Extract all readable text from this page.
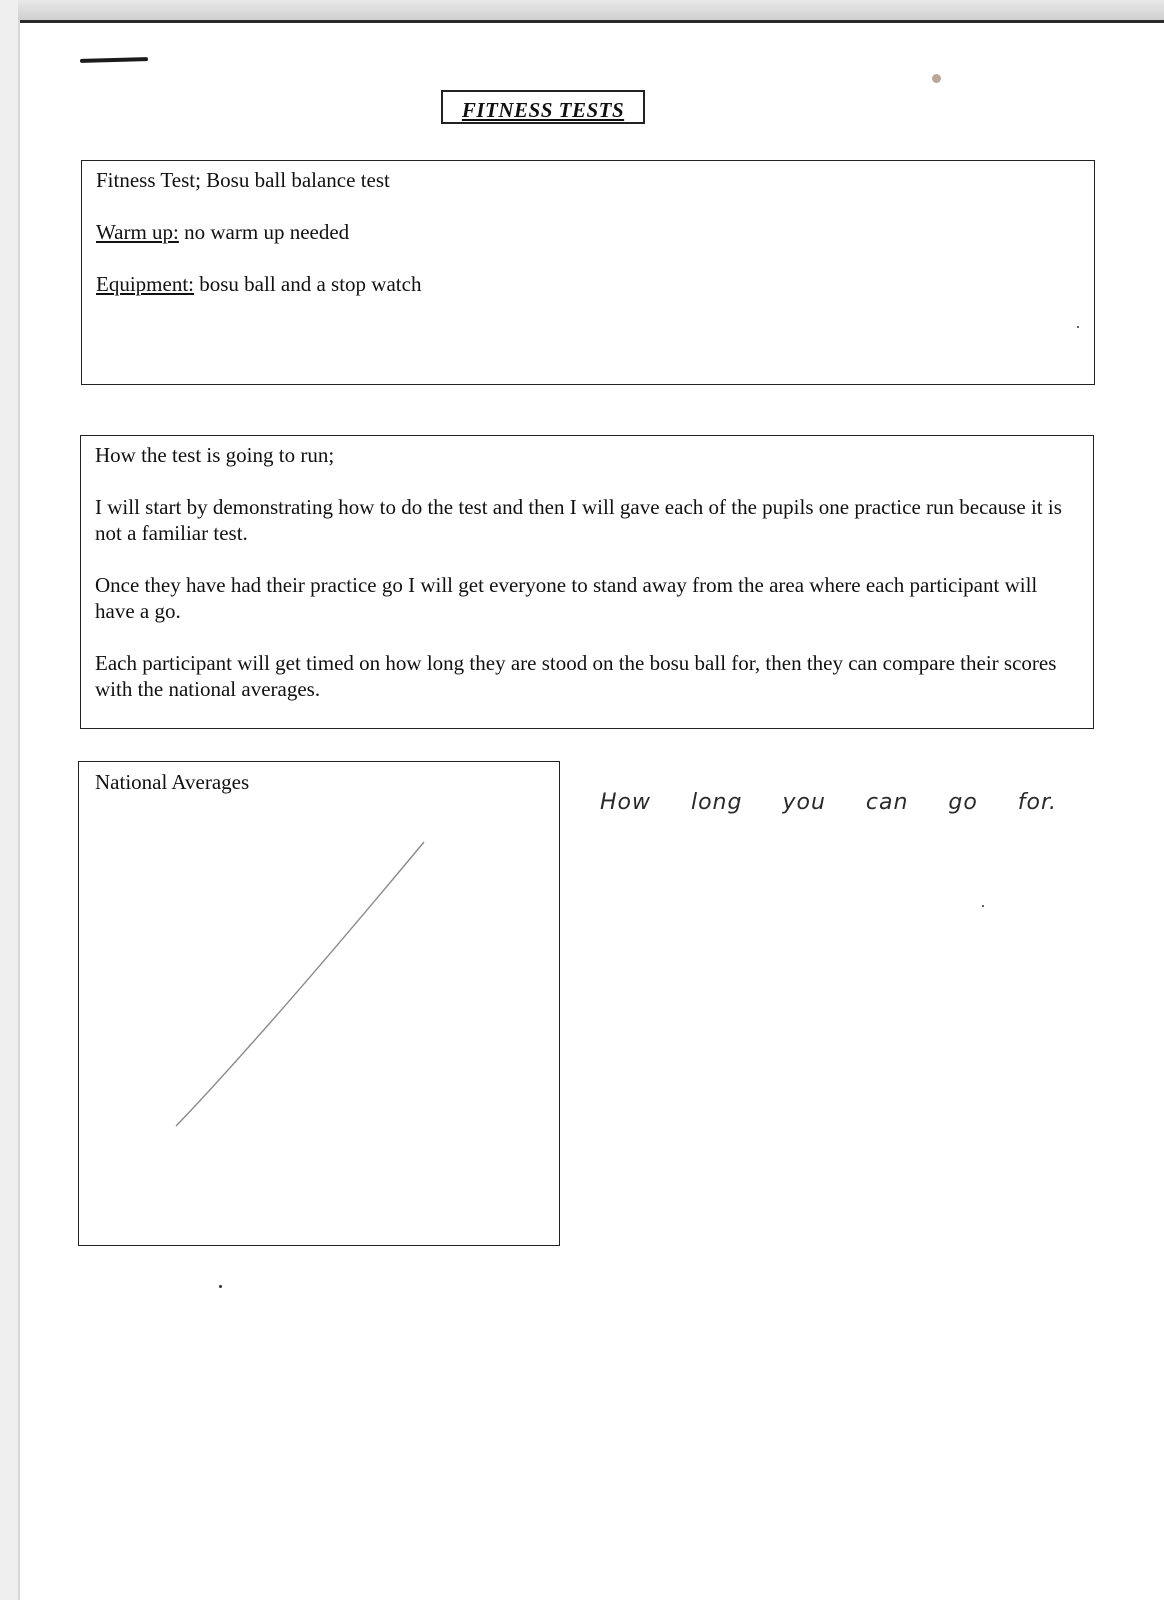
FITNESS TESTS

Fitness Test; Bosu ball balance test

Warm up: no warm up needed

Equipment: bosu ball and a stop watch

How the test is going to run;

I will start by demonstrating how to do the test and then I will gave each of the pupils one practice run because it is not a familiar test.

Once they have had their practice go I will get everyone to stand away from the area where each participant will have a go.

Each participant will get timed on how long they are stood on the bosu ball for, then they can compare their scores with the national averages.

National Averages
How long you can go for.
